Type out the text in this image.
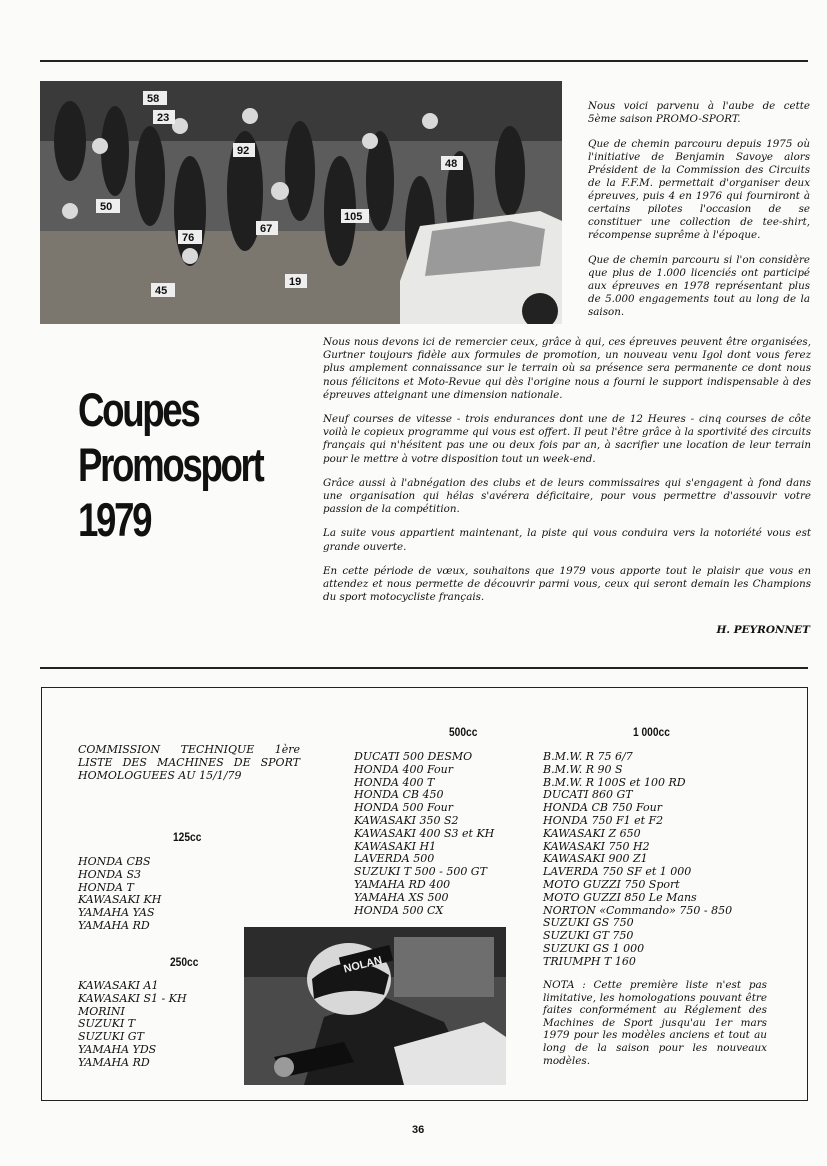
58
23
92
50
76
67
105
48
45
19

Nous voici parvenu à l'aube de cette 5ème saison PROMO-SPORT.

Que de chemin parcouru depuis 1975 où l'initiative de Benjamin Savoye alors Président de la Commission des Circuits de la F.F.M. permettait d'organiser deux épreuves, puis 4 en 1976 qui fourniront à certains pilotes l'occasion de se constituer une collection de tee-shirt, récompense suprême à l'époque.

Que de chemin parcouru si l'on considère que plus de 1.000 licenciés ont participé aux épreuves en 1978 représentant plus de 5.000 engagements tout au long de la saison.

Coupes
Promosport
1979

Nous nous devons ici de remercier ceux, grâce à qui, ces épreuves peuvent être organisées, Gurtner toujours fidèle aux formules de promotion, un nouveau venu Igol dont vous ferez plus amplement connaissance sur le terrain où sa présence sera permanente ce dont nous nous félicitons et Moto-Revue qui dès l'origine nous a fourni le support indispensable à des épreuves atteignant une dimension nationale.

Neuf courses de vitesse - trois endurances dont une de 12 Heures - cinq courses de côte voilà le copieux programme qui vous est offert. Il peut l'être grâce à la sportivité des circuits français qui n'hésitent pas une ou deux fois par an, à sacrifier une location de leur terrain pour le mettre à votre disposition tout un week-end.

Grâce aussi à l'abnégation des clubs et de leurs commissaires qui s'engagent à fond dans une organisation qui hélas s'avérera déficitaire, pour vous permettre d'assouvir votre passion de la compétition.

La suite vous appartient maintenant, la piste qui vous conduira vers la notoriété vous est grande ouverte.

En cette période de vœux, souhaitons que 1979 vous apporte tout le plaisir que vous en attendez et nous permette de découvrir parmi vous, ceux qui seront demain les Champions du sport motocycliste français.

H. PEYRONNET
COMMISSION TECHNIQUE 1ère LISTE DES MACHINES DE SPORT HOMOLOGUEES AU 15/1/79
125cc
HONDA CBS
HONDA S3
HONDA T
KAWASAKI KH
YAMAHA YAS
YAMAHA RD
250cc
KAWASAKI A1
KAWASAKI S1 - KH
MORINI
SUZUKI T
SUZUKI GT
YAMAHA YDS
YAMAHA RD
500cc
DUCATI 500 DESMO
HONDA 400 Four
HONDA 400 T
HONDA CB 450
HONDA 500 Four
KAWASAKI 350 S2
KAWASAKI 400 S3 et KH
KAWASAKI H1
LAVERDA 500
SUZUKI T 500 - 500 GT
YAMAHA RD 400
YAMAHA XS 500
HONDA 500 CX
1 000cc
B.M.W. R 75 6/7
B.M.W. R 90 S
B.M.W. R 100S et 100 RD
DUCATI 860 GT
HONDA CB 750 Four
HONDA 750 F1 et F2
KAWASAKI Z 650
KAWASAKI 750 H2
KAWASAKI 900 Z1
LAVERDA 750 SF et 1 000
MOTO GUZZI 750 Sport
MOTO GUZZI 850 Le Mans
NORTON «Commando» 750 - 850
SUZUKI GS 750
SUZUKI GT 750
SUZUKI GS 1 000
TRIUMPH T 160
NOTA : Cette première liste n'est pas limitative, les homologations pouvant être faites conformément au Réglement des Machines de Sport jusqu'au 1er mars 1979 pour les modèles anciens et tout au long de la saison pour les nouveaux modèles.
NOLAN
36
